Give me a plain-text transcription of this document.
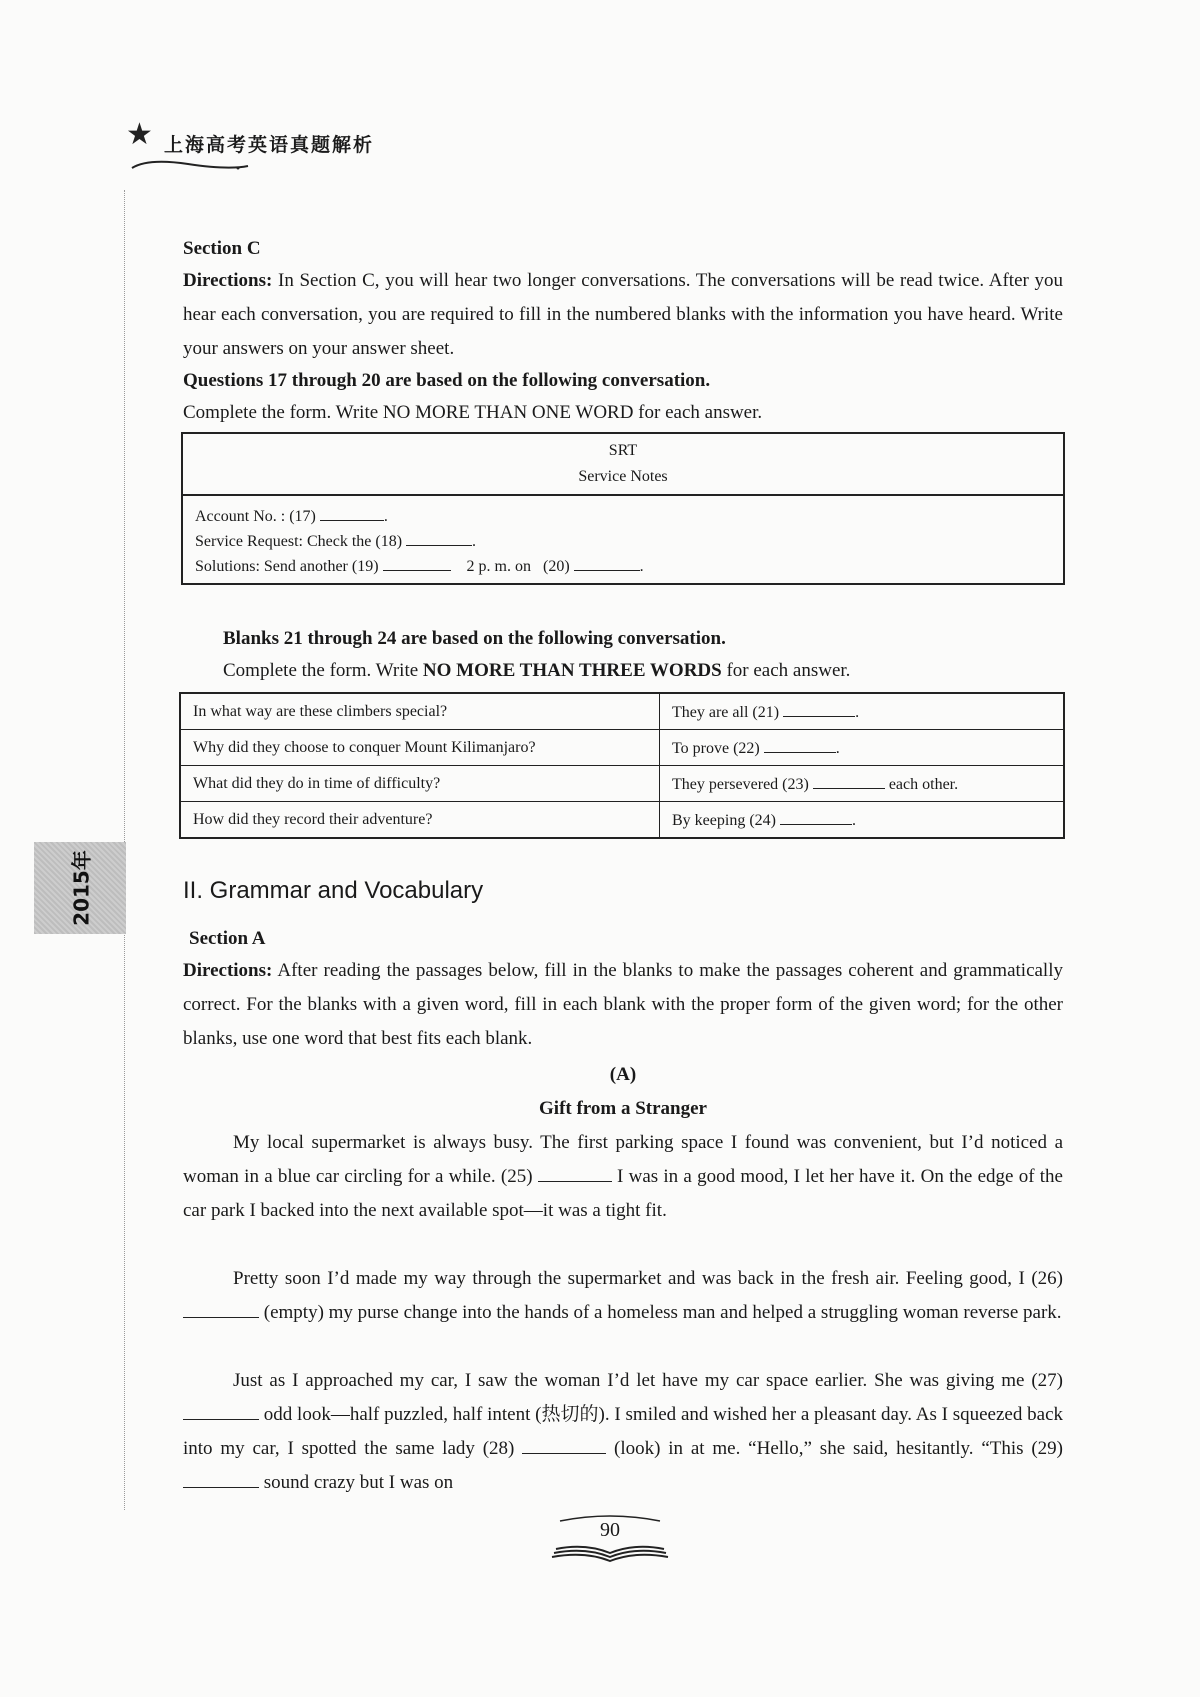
★ 上海高考英语真题解析
2015年
Section C

Directions: In Section C, you will hear two longer conversations. The conversations will be read twice. After you hear each conversation, you are required to fill in the numbered blanks with the information you have heard. Write your answers on your answer sheet.

Questions 17 through 20 are based on the following conversation.
Complete the form. Write NO MORE THAN ONE WORD for each answer.
SRT
Service Notes

Account No. : (17)	.
Service Request: Check the (18)	.
Solutions: Send another (19)	2 p. m. on (20)	.
Blanks 21 through 24 are based on the following conversation.

Complete the form. Write NO MORE THAN THREE WORDS for each answer.

In what way are these climbers special?	They are all (21) .
Why did they choose to conquer Mount Kilimanjaro?	To prove (22) .
What did they do in time of difficulty?	They persevered (23) each other.
How did they record their adventure?	By keeping (24) .
II. Grammar and Vocabulary
Section A

Directions: After reading the passages below, fill in the blanks to make the passages coherent and grammatically correct. For the blanks with a given word, fill in each blank with the proper form of the given word; for the other blanks, use one word that best fits each blank.

(A)
Gift from a Stranger

My local supermarket is always busy. The first parking space I found was convenient, but I’d noticed a woman in a blue car circling for a while. (25)	I was in a good mood, I let her have it. On the edge of the car park I backed into the next available spot—it was a tight fit.

Pretty soon I’d made my way through the supermarket and was back in the fresh air. Feeling good, I (26)  (empty) my purse change into the hands of a homeless man and helped a struggling woman reverse park.

Just as I approached my car, I saw the woman I’d let have my car space earlier. She was giving me (27)  odd look—half puzzled, half intent (热切的). I smiled and wished her a pleasant day. As I squeezed back into my car, I spotted the same lady (28)	(look) in at me. “Hello,” she said, hesitantly. “This (29)  sound crazy but I was on

90
